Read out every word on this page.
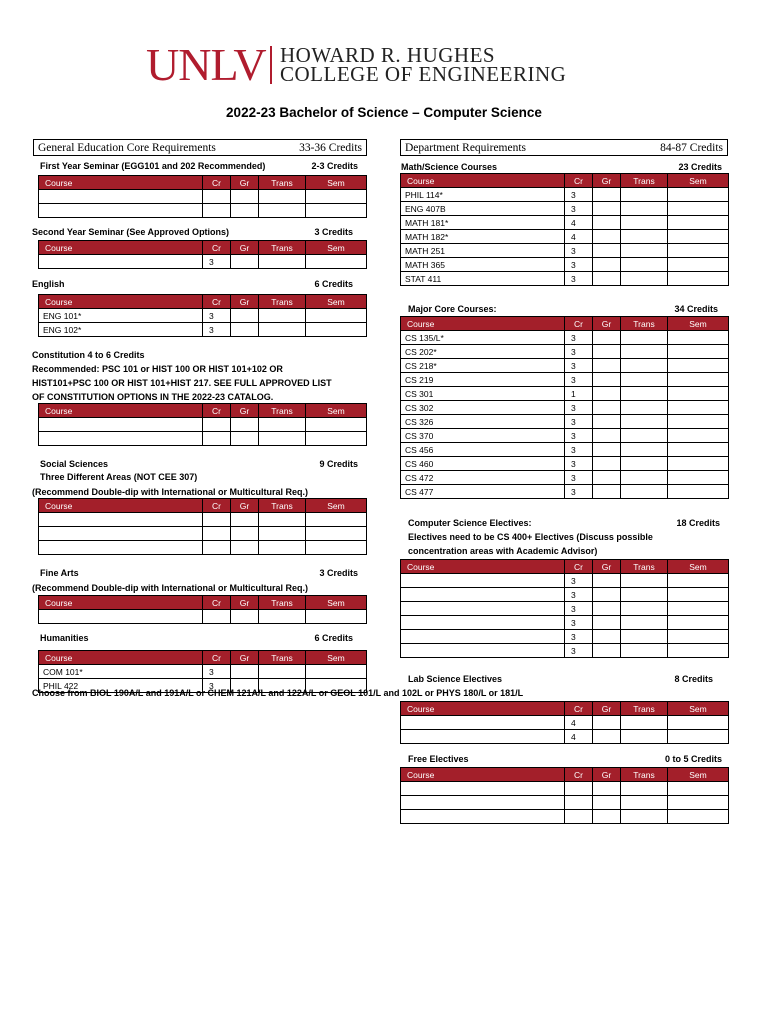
UNLV HOWARD R. HUGHES
COLLEGE OF ENGINEERING
2022-23 Bachelor of Science – Computer Science
General Education Core Requirements	33-36 Credits	Department Requirements	84-87 Credits
First Year Seminar (EGG101 and 202 Recommended)	2-3 Credits
Course	Cr	Gr	Trans	Sem

Second Year Seminar (See Approved Options)	3 Credits
Course	Cr	Gr	Trans	Sem
	3			
English	6 Credits
Course	Cr	Gr	Trans	Sem
ENG 101*	3			
ENG 102*	3			
Constitution 4 to 6 Credits
Recommended: PSC 101 or HIST 100 OR HIST 101+102 OR
HIST101+PSC 100 OR HIST 101+HIST 217. SEE FULL APPROVED LIST
OF CONSTITUTION OPTIONS IN THE 2022-23 CATALOG.
Course	Cr	Gr	Trans	Sem

Social Sciences	9 Credits
Three Different Areas (NOT CEE 307)
(Recommend Double-dip with International or Multicultural Req.)
Course	Cr	Gr	Trans	Sem

Fine Arts	3 Credits
(Recommend Double-dip with International or Multicultural Req.)
Course	Cr	Gr	Trans	Sem

Humanities	6 Credits
Course	Cr	Gr	Trans	Sem
COM 101*	3			
PHIL 422	3			
Choose from BIOL 190A/L and 191A/L or CHEM 121A/L and 122A/L or GEOL 101/L and 102L or PHYS 180/L or 181/L
Math/Science Courses	23 Credits
Course	Cr	Gr	Trans	Sem
PHIL 114*	3			
ENG 407B	3			
MATH 181*	4			
MATH 182*	4			
MATH 251	3			
MATH 365	3			
STAT 411	3			
Major Core Courses:	34 Credits
Course	Cr	Gr	Trans	Sem
CS 135/L*	3			
CS 202*	3			
CS 218*	3			
CS 219	3			
CS 301	1			
CS 302	3			
CS 326	3			
CS 370	3			
CS 456	3			
CS 460	3			
CS 472	3			
CS 477	3			
Computer Science Electives:	18 Credits
Electives need to be CS 400+ Electives (Discuss possible
concentration areas with Academic Advisor)
Course	Cr	Gr	Trans	Sem
	3			
	3			
	3			
	3			
	3			
	3			
Lab Science Electives	8 Credits
Course	Cr	Gr	Trans	Sem
	4			
	4			
Free Electives	0 to 5 Credits
Course	Cr	Gr	Trans	Sem
